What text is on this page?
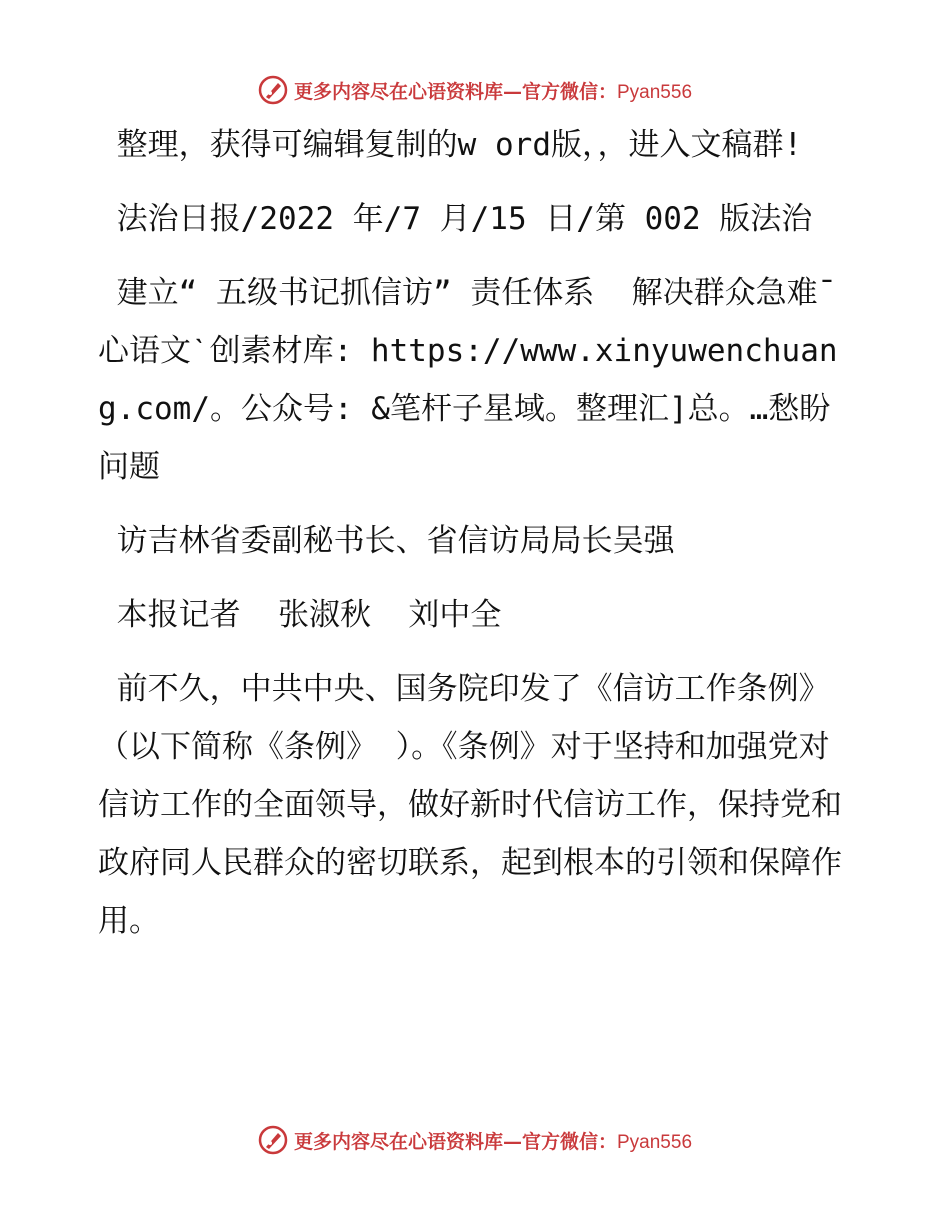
更多内容尽在心语资料库—官方微信：Pyan556

整理，获得可编辑复制的w ord版，，进入文稿群!

法治日报/2022 年/7 月/15 日/第 002 版法治

建立“ 五级书记抓信访” 责任体系  解决群众急难¯心语文ˋ创素材库: https://www.xinyuwenchuang.com/。公众号: &笔杆子星域。整理汇]总。…愁盼问题

访吉林省委副秘书长、省信访局局长吴强

本报记者  张淑秋  刘中全

前不久，中共中央、国务院印发了《信访工作条例》（以下简称《条例》 ）。《条例》对于坚持和加强党对信访工作的全面领导，做好新时代信访工作，保持党和政府同人民群众的密切联系，起到根本的引领和保障作用。

更多内容尽在心语资料库—官方微信：Pyan556
